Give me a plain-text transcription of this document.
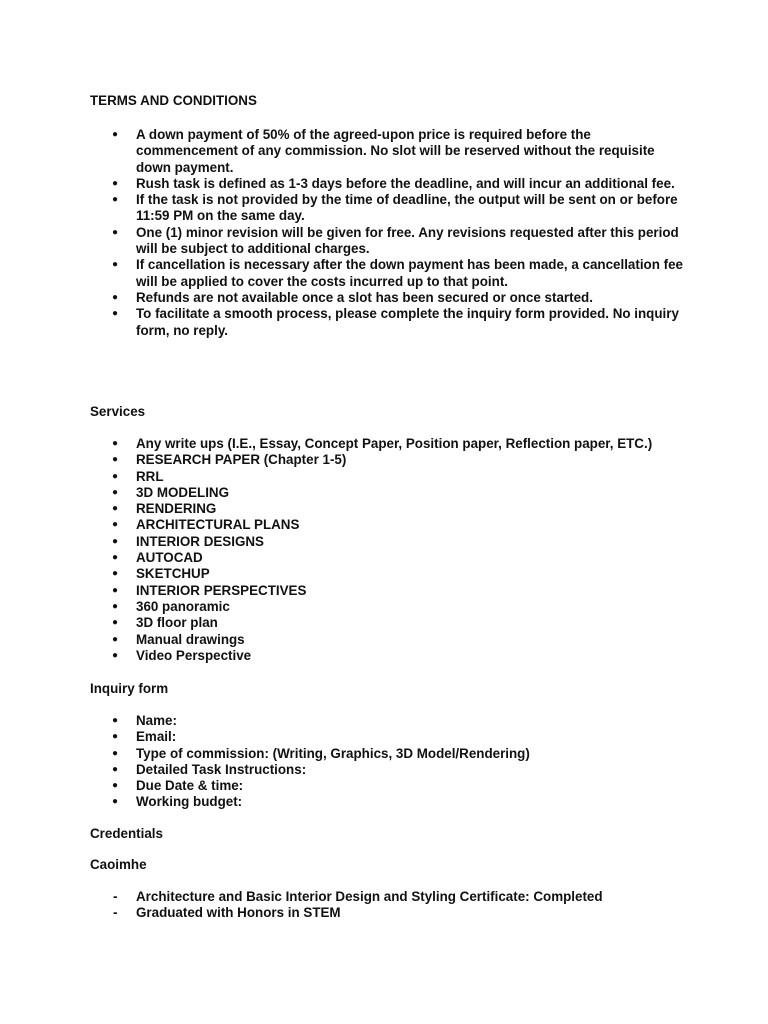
TERMS AND CONDITIONS
● A down payment of 50% of the agreed-upon price is required before the commencement of any commission. No slot will be reserved without the requisite down payment.
● Rush task is defined as 1-3 days before the deadline, and will incur an additional fee.
● If the task is not provided by the time of deadline, the output will be sent on or before 11:59 PM on the same day.
● One (1) minor revision will be given for free. Any revisions requested after this period will be subject to additional charges.
● If cancellation is necessary after the down payment has been made, a cancellation fee will be applied to cover the costs incurred up to that point.
● Refunds are not available once a slot has been secured or once started.
● To facilitate a smooth process, please complete the inquiry form provided. No inquiry form, no reply.
Services
● Any write ups (I.E., Essay, Concept Paper, Position paper, Reflection paper, ETC.)
● RESEARCH PAPER (Chapter 1-5)
● RRL
● 3D MODELING
● RENDERING
● ARCHITECTURAL PLANS
● INTERIOR DESIGNS
● AUTOCAD
● SKETCHUP
● INTERIOR PERSPECTIVES
● 360 panoramic
● 3D floor plan
● Manual drawings
● Video Perspective
Inquiry form
● Name:
● Email:
● Type of commission: (Writing, Graphics, 3D Model/Rendering)
● Detailed Task Instructions:
● Due Date & time:
● Working budget:
Credentials
Caoimhe
- Architecture and Basic Interior Design and Styling Certificate: Completed
- Graduated with Honors in STEM
